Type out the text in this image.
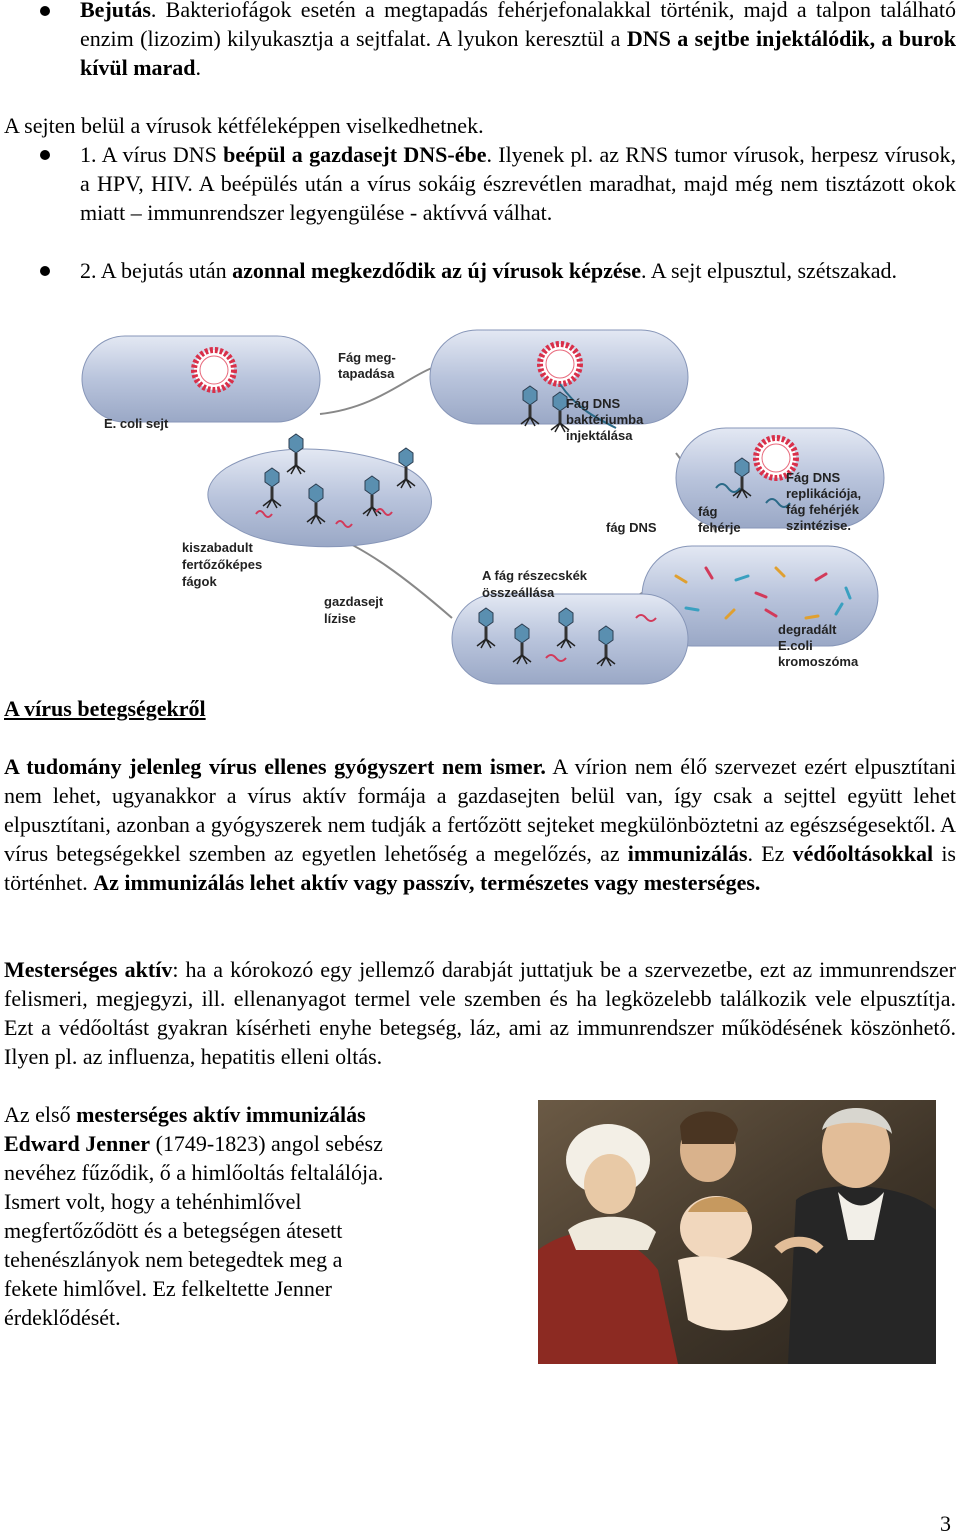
Bejutás. Bakteriofágok esetén a megtapadás fehérjefonalakkal történik, majd a talpon található enzim (lizozim) kilyukasztja a sejtfalat. A lyukon keresztül a DNS a sejtbe injektálódik, a burok kívül marad.

A sejten belül a vírusok kétféleképpen viselkedhetnek.

1. A vírus DNS beépül a gazdasejt DNS-ébe. Ilyenek pl. az RNS tumor vírusok, herpesz vírusok, a HPV, HIV. A beépülés után a vírus sokáig észrevétlen maradhat, majd még nem tisztázott okok miatt – immunrendszer legyengülése - aktívvá válhat.

2. A bejutás után azonnal megkezdődik az új vírusok képzése. A sejt elpusztul, szétszakad.

Fág meg-tapadása
E. coli sejt
Fág DNS baktériumba injektálása
Fág DNS replikációja, fág fehérjék szintézise.
fág fehérje
fág DNS
kiszabadult fertőzőképes fágok	A fág részecskék összeállása
gazdasejt lízise
degradált E.coli kromoszóma

A vírus betegségekről

A tudomány jelenleg vírus ellenes gyógyszert nem ismer. A vírion nem élő szervezet ezért elpusztítani nem lehet, ugyanakkor a vírus aktív formája a gazdasejten belül van, így csak a sejttel együtt lehet elpusztítani, azonban a gyógyszerek nem tudják a fertőzött sejteket megkülönböztetni az egészségesektől. A vírus betegségekkel szemben az egyetlen lehetőség a megelőzés, az immunizálás. Ez védőoltásokkal is történhet. Az immunizálás lehet aktív vagy passzív, természetes vagy mesterséges.

Mesterséges aktív: ha a kórokozó egy jellemző darabját juttatjuk be a szervezetbe, ezt az immunrendszer felismeri, megjegyzi, ill. ellenanyagot termel vele szemben és ha legközelebb találkozik vele elpusztítja. Ezt a védőoltást gyakran kísérheti enyhe betegség, láz, ami az immunrendszer működésének köszönhető. Ilyen pl. az influenza, hepatitis elleni oltás.

Az első mesterséges aktív immunizálás
Edward Jenner (1749-1823) angol sebész
nevéhez fűződik, ő a himlőoltás feltalálója.
Ismert volt, hogy a tehénhimlővel
megfertőződött és a betegségen átesett
tehenészlányok nem betegedtek meg a
fekete himlővel. Ez felkeltette Jenner
érdeklődését.

3
